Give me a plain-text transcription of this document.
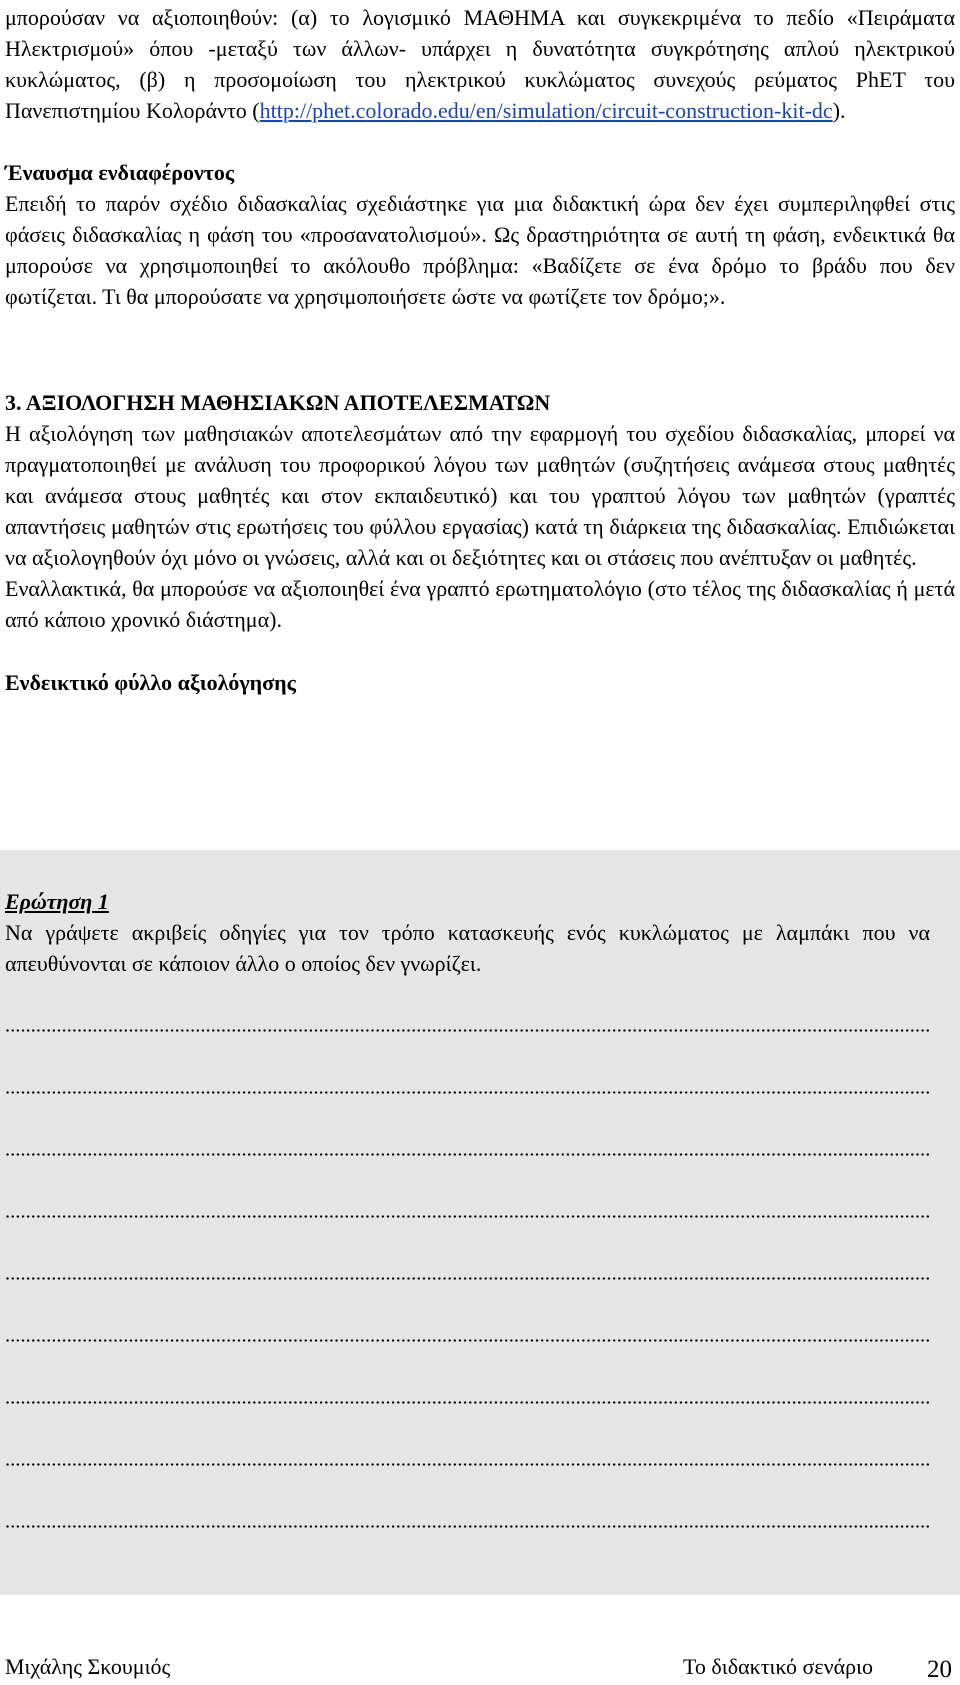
μπορούσαν να αξιοποιηθούν: (α) το λογισμικό ΜΑΘΗΜΑ και συγκεκριμένα το πεδίο «Πειράματα Ηλεκτρισμού» όπου -μεταξύ των άλλων- υπάρχει η δυνατότητα συγκρότησης απλού ηλεκτρικού κυκλώματος, (β) η προσομοίωση του ηλεκτρικού κυκλώματος συνεχούς ρεύματος PhET του Πανεπιστημίου Κολοράντο (http://phet.colorado.edu/en/simulation/circuit-construction-kit-dc).

Έναυσμα ενδιαφέροντος

Επειδή το παρόν σχέδιο διδασκαλίας σχεδιάστηκε για μια διδακτική ώρα δεν έχει συμπεριληφθεί στις φάσεις διδασκαλίας η φάση του «προσανατολισμού». Ως δραστηριότητα σε αυτή τη φάση, ενδεικτικά θα μπορούσε να χρησιμοποιηθεί το ακόλουθο πρόβλημα: «Βαδίζετε σε ένα δρόμο το βράδυ που δεν φωτίζεται. Τι θα μπορούσατε να χρησιμοποιήσετε ώστε να φωτίζετε τον δρόμο;».

3. ΑΞΙΟΛΟΓΗΣΗ ΜΑΘΗΣΙΑΚΩΝ ΑΠΟΤΕΛΕΣΜΑΤΩΝ

Η αξιολόγηση των μαθησιακών αποτελεσμάτων από την εφαρμογή του σχεδίου διδασκαλίας, μπορεί να πραγματοποιηθεί με ανάλυση του προφορικού λόγου των μαθητών (συζητήσεις ανάμεσα στους μαθητές και ανάμεσα στους μαθητές και στον εκπαιδευτικό) και του γραπτού λόγου των μαθητών (γραπτές απαντήσεις μαθητών στις ερωτήσεις του φύλλου εργασίας) κατά τη διάρκεια της διδασκαλίας. Επιδιώκεται να αξιολογηθούν όχι μόνο οι γνώσεις, αλλά και οι δεξιότητες και οι στάσεις που ανέπτυξαν οι μαθητές.

Εναλλακτικά, θα μπορούσε να αξιοποιηθεί ένα γραπτό ερωτηματολόγιο (στο τέλος της διδασκαλίας ή μετά από κάποιο χρονικό διάστημα).

Ενδεικτικό φύλλο αξιολόγησης

Ερώτηση 1

Να γράψετε ακριβείς οδηγίες για τον τρόπο κατασκευής ενός κυκλώματος με λαμπάκι που να απευθύνονται σε κάποιον άλλο ο οποίος δεν γνωρίζει.

Μιχάλης Σκουμιός	Το διδακτικό σενάριο 20
